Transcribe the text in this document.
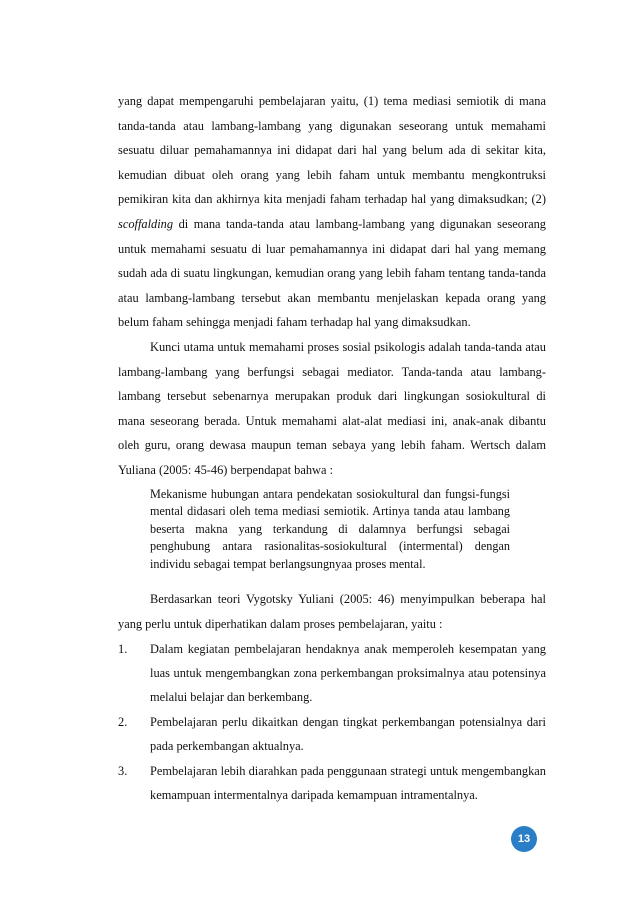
yang dapat mempengaruhi pembelajaran yaitu, (1) tema mediasi semiotik di mana tanda-tanda atau lambang-lambang yang digunakan seseorang untuk memahami sesuatu diluar pemahamannya ini didapat dari hal yang belum ada di sekitar kita, kemudian dibuat oleh orang yang lebih faham untuk membantu mengkontruksi pemikiran kita dan akhirnya kita menjadi faham terhadap hal yang dimaksudkan; (2) scoffalding di mana tanda-tanda atau lambang-lambang yang digunakan seseorang untuk memahami sesuatu di luar pemahamannya ini didapat dari hal yang memang sudah ada di suatu lingkungan, kemudian orang yang lebih faham tentang tanda-tanda atau lambang-lambang tersebut akan membantu menjelaskan kepada orang yang belum faham sehingga menjadi faham terhadap hal yang dimaksudkan.

Kunci utama untuk memahami proses sosial psikologis adalah tanda-tanda atau lambang-lambang yang berfungsi sebagai mediator. Tanda-tanda atau lambang-lambang tersebut sebenarnya merupakan produk dari lingkungan sosiokultural di mana seseorang berada. Untuk memahami alat-alat mediasi ini, anak-anak dibantu oleh guru, orang dewasa maupun teman sebaya yang lebih faham. Wertsch dalam Yuliana (2005: 45-46) berpendapat bahwa :

Mekanisme hubungan antara pendekatan sosiokultural dan fungsi-fungsi mental didasari oleh tema mediasi semiotik. Artinya tanda atau lambang beserta makna yang terkandung di dalamnya berfungsi sebagai penghubung antara rasionalitas-sosiokultural (intermental) dengan individu sebagai tempat berlangsungnyaa proses mental.

Berdasarkan teori Vygotsky Yuliani (2005: 46) menyimpulkan beberapa hal yang perlu untuk diperhatikan dalam proses pembelajaran, yaitu :

1. Dalam kegiatan pembelajaran hendaknya anak memperoleh kesempatan yang luas untuk mengembangkan zona perkembangan proksimalnya atau potensinya melalui belajar dan berkembang.
2. Pembelajaran perlu dikaitkan dengan tingkat perkembangan potensialnya dari pada perkembangan aktualnya.
3. Pembelajaran lebih diarahkan pada penggunaan strategi untuk mengembangkan kemampuan intermentalnya daripada kemampuan intramentalnya.
13
